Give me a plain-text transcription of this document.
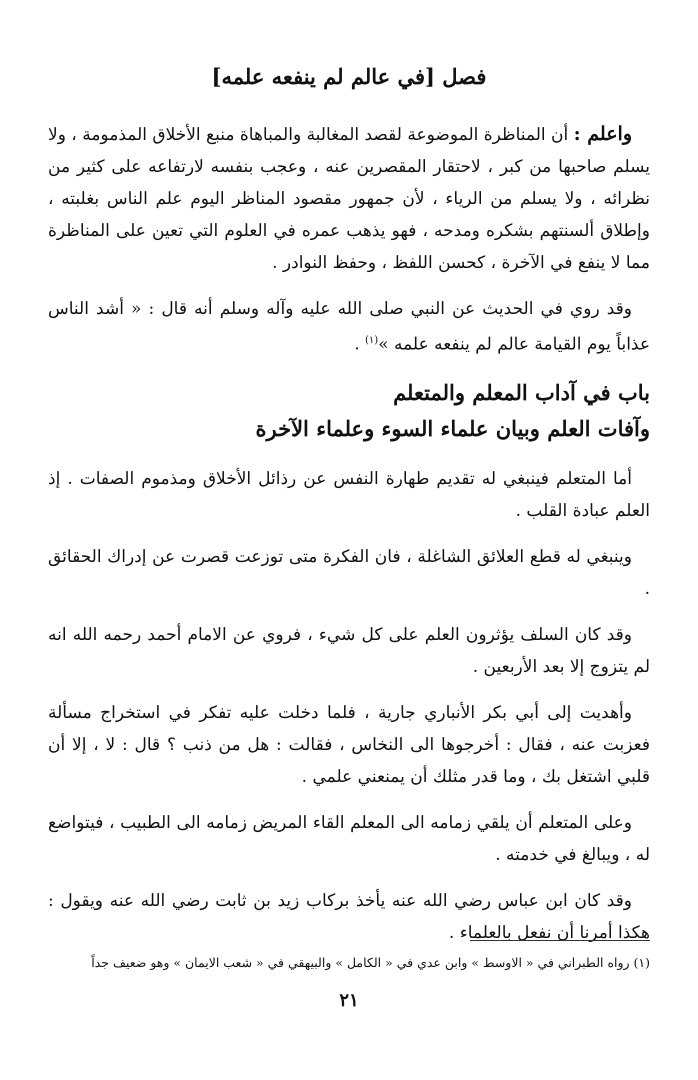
فصل [في عالم لم ينفعه علمه]

واعلم : أن المناظرة الموضوعة لقصد المغالبة والمباهاة منبع الأخلاق المذمومة ، ولا يسلم صاحبها من كبر ، لاحتقار المقصرين عنه ، وعجب بنفسه لارتفاعه على كثير من نظرائه ، ولا يسلم من الرياء ، لأن جمهور مقصود المناظر اليوم علم الناس بغلبته ، وإطلاق ألسنتهم بشكره ومدحه ، فهو يذهب عمره في العلوم التي تعين على المناظرة مما لا ينفع في الآخرة ، كحسن اللفظ ، وحفظ النوادر .

وقد روي في الحديث عن النبي صلى الله عليه وآله وسلم أنه قال : « أشد الناس عذاباً يوم القيامة عالم لم ينفعه علمه »$^{(١)}$ .

باب في آداب المعلم والمتعلم
وآفات العلم وبيان علماء السوء وعلماء الآخرة

أما المتعلم فينبغي له تقديم طهارة النفس عن رذائل الأخلاق ومذموم الصفات . إذ العلم عبادة القلب .

وينبغي له قطع العلائق الشاغلة ، فان الفكرة متى توزعت قصرت عن إدراك الحقائق .

وقد كان السلف يؤثرون العلم على كل شيء ، فروي عن الامام أحمد رحمه الله انه لم يتزوج إلا بعد الأربعين .

وأهديت إلى أبي بكر الأنباري جارية ، فلما دخلت عليه تفكر في استخراج مسألة فعزبت عنه ، فقال : أخرجوها الى النخاس ، فقالت : هل من ذنب ؟ قال : لا ، إلا أن قلبي اشتغل بك ، وما قدر مثلك أن يمنعني علمي .

وعلى المتعلم أن يلقي زمامه الى المعلم القاء المريض زمامه الى الطبيب ، فيتواضع له ، ويبالغ في خدمته .

وقد كان ابن عباس رضي الله عنه يأخذ بركاب زيد بن ثابت رضي الله عنه ويقول : هكذا أمرنا أن نفعل بالعلماء .

(١) رواه الطبراني في « الاوسط » وابن عدي في « الكامل » والبيهقي في « شعب الايمان » وهو ضعيف جداً
٢١
